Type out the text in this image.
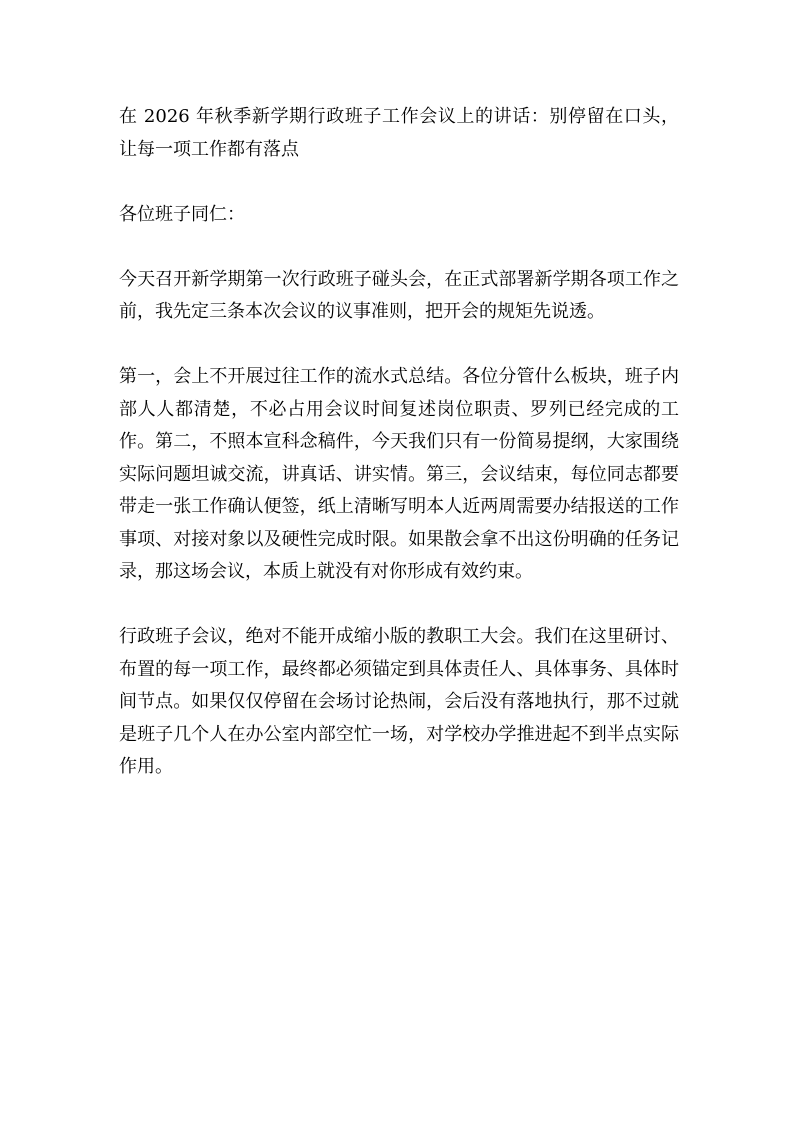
在 2026 年秋季新学期行政班子工作会议上的讲话：别停留在口头，让每一项工作都有落点

各位班子同仁：

今天召开新学期第一次行政班子碰头会，在正式部署新学期各项工作之前，我先定三条本次会议的议事准则，把开会的规矩先说透。

第一，会上不开展过往工作的流水式总结。各位分管什么板块，班子内部人人都清楚，不必占用会议时间复述岗位职责、罗列已经完成的工作。第二，不照本宣科念稿件，今天我们只有一份简易提纲，大家围绕实际问题坦诚交流，讲真话、讲实情。第三，会议结束，每位同志都要带走一张工作确认便签，纸上清晰写明本人近两周需要办结报送的工作事项、对接对象以及硬性完成时限。如果散会拿不出这份明确的任务记录，那这场会议，本质上就没有对你形成有效约束。

行政班子会议，绝对不能开成缩小版的教职工大会。我们在这里研讨、布置的每一项工作，最终都必须锚定到具体责任人、具体事务、具体时间节点。如果仅仅停留在会场讨论热闹，会后没有落地执行，那不过就是班子几个人在办公室内部空忙一场，对学校办学推进起不到半点实际作用。
